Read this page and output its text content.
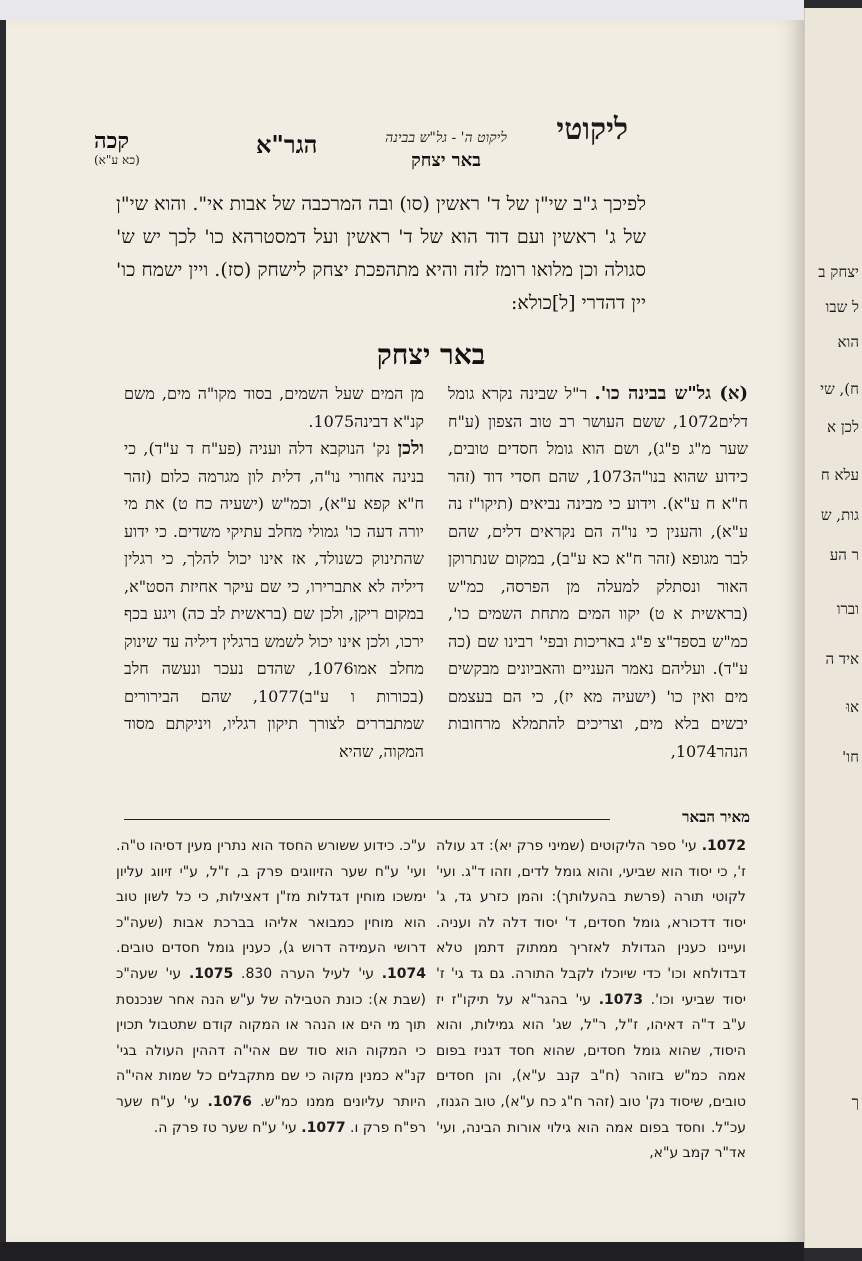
ליקוטי
ליקוט ה' - גל"ש בבינה
באר יצחק
הגר"א
קכה
(כא ע"א)
לפיכך ג"ב שי"ן של ד' ראשין (סו) ובה המרכבה של אבות אי". והוא שי"ן של ג' ראשין ועם דוד הוא של ד' ראשין ועל דמסטרהא כו' לכך יש ש' סגולה וכן מלואו רומז לזה והיא מתהפכת יצחק לישחק (סז). ויין ישמח כו' יין דהדרי [ל]כולא:
באר יצחק
(א) גל"ש בבינה כו'. ר"ל שבינה נקרא גומל דלים1072, ששם העושר רב טוב הצפון (ע"ח שער מ"ג פ"ג), ושם הוא גומל חסדים טובים, כידוע שהוא בנו"ה1073, שהם חסדי דוד (זהר ח"א ח ע"א). וידוע כי מבינה נביאים (תיקו"ז נה ע"א), והענין כי נו"ה הם נקראים דלים, שהם לבר מגופא (זהר ח"א כא ע"ב), במקום שנתרוקן האור ונסתלק למעלה מן הפרסה, כמ"ש (בראשית א ט) יקוו המים מתחת השמים כו', כמ"ש בספד"צ פ"ג באריכות ובפי' רבינו שם (כה ע"ד). ועליהם נאמר העניים והאביונים מבקשים מים ואין כו' (ישעיה מא יז), כי הם בעצמם יבשים בלא מים, וצריכים להתמלא מרחובות הנהר1074,
מן המים שעל השמים, בסוד מקו"ה מים, משם קנ"א דבינה1075.
ולכן נק' הנוקבא דלה ועניה (פע"ח ד ע"ד), כי בנינה אחורי נו"ה, דלית לון מגרמה כלום (זהר ח"א קפא ע"א), וכמ"ש (ישעיה כח ט) את מי יורה דעה כו' גמולי מחלב עתיקי משדים. כי ידוע שהתינוק כשנולד, אז אינו יכול להלך, כי רגלין דיליה לא אתברירו, כי שם עיקר אחיזת הסט"א, במקום ריקן, ולכן שם (בראשית לב כה) ויגע בכף ירכו, ולכן אינו יכול לשמש ברגלין דיליה עד שינוק מחלב אמו1076, שהדם נעכר ונעשה חלב (בכורות ו ע"ב)1077, שהם הבירורים שמתבררים לצורך תיקון רגליו, ויניקתם מסוד המקוה, שהיא
מאיר הבאר
1072. עי' ספר הליקוטים (שמיני פרק יא): דג עולה ז', כי יסוד הוא שביעי, והוא גומל לדים, וזהו ד"ג. ועי' לקוטי תורה (פרשת בהעלותך): והמן כזרע גד, ג' יסוד דדכורא, גומל חסדים, ד' יסוד דלה לה ועניה. ועיינו כענין הגדולת לאזריך ממתוק דתמן טלא דבדולחא וכו' כדי שיוכלו לקבל התורה. גם גד גי' ז' יסוד שביעי וכו'. 1073. עי' בהגר"א על תיקו"ז יז ע"ב ד"ה דאיהו, ז"ל, ר"ל, שג' הוא גמילות, והוא היסוד, שהוא גומל חסדים, שהוא חסד דגניז בפום אמה כמ"ש בזוהר (ח"ב קנב ע"א), והן חסדים טובים, שיסוד נק' טוב (זהר ח"ג כח ע"א), טוב הגנוז, עכ"ל. וחסד בפום אמה הוא גילוי אורות הבינה, ועי' אד"ר קמב ע"א,
ע"כ. כידוע ששורש החסד הוא נתרין מעין דסיהו ט"ה. ועי' ע"ח שער הזיווגים פרק ב, ז"ל, ע"י זיווג עליון ימשכו מוחין דגדלות מז"ן דאצילות, כי כל לשון טוב הוא מוחין כמבואר אליהו בברכת אבות (שעה"כ דרושי העמידה דרוש ג), כענין גומל חסדים טובים. 1074. עי' לעיל הערה 830. 1075. עי' שעה"כ (שבת א): כונת הטבילה של ע"ש הנה אחר שנכנסת תוך מי הים או הנהר או המקוה קודם שתטבול תכוין כי המקוה הוא סוד שם אהי"ה דההין העולה בגי' קנ"א כמנין מקוה כי שם מתקבלים כל שמות אהי"ה היותר עליונים ממנו כמ"ש. 1076. עי' ע"ח שער רפ"ח פרק ו. 1077. עי' ע"ח שער טז פרק ה.
יצחק ב
ל שבו
הוא
ח), שי
לכן א
עלא ח
גות, ש
ר הע
וברו
איד ה
אוּ
חו'
ך
